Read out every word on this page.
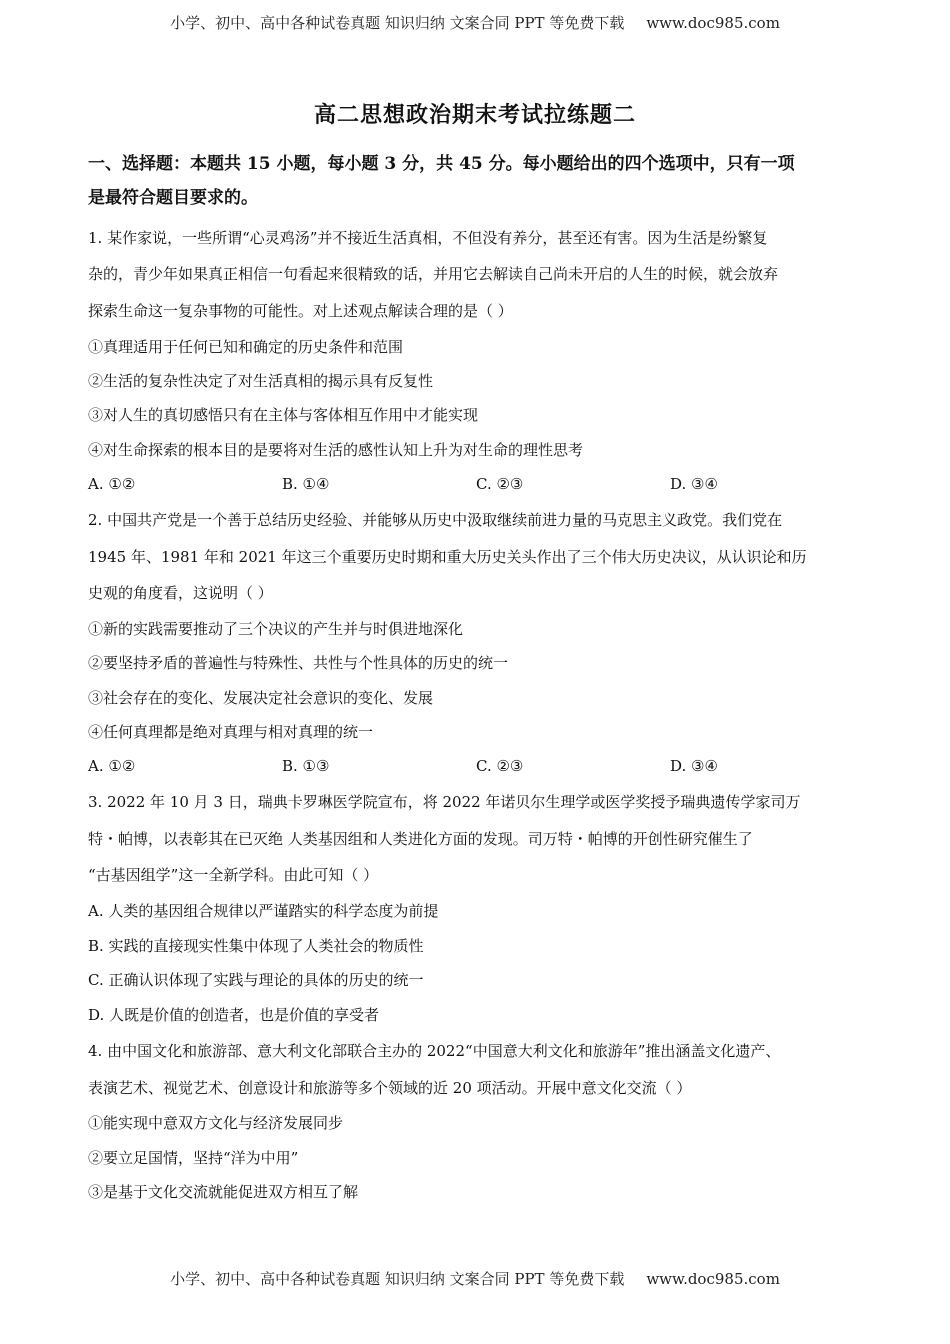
小学、初中、高中各种试卷真题 知识归纳 文案合同 PPT 等免费下载 www.doc985.com
高二思想政治期末考试拉练题二
一、选择题：本题共 15 小题，每小题 3 分，共 45 分。每小题给出的四个选项中，只有一项
是最符合题目要求的。
1. 某作家说，一些所谓“心灵鸡汤”并不接近生活真相，不但没有养分，甚至还有害。因为生活是纷繁复
杂的，青少年如果真正相信一句看起来很精致的话，并用它去解读自己尚未开启的人生的时候，就会放弃
探索生命这一复杂事物的可能性。对上述观点解读合理的是（ ）
①真理适用于任何已知和确定的历史条件和范围
②生活的复杂性决定了对生活真相的揭示具有反复性
③对人生的真切感悟只有在主体与客体相互作用中才能实现
④对生命探索的根本目的是要将对生活的感性认知上升为对生命的理性思考
A. ①②	B. ①④	C. ②③	D. ③④
2. 中国共产党是一个善于总结历史经验、并能够从历史中汲取继续前进力量的马克思主义政党。我们党在
1945 年、1981 年和 2021 年这三个重要历史时期和重大历史关头作出了三个伟大历史决议，从认识论和历
史观的角度看，这说明（ ）
①新的实践需要推动了三个决议的产生并与时俱进地深化
②要坚持矛盾的普遍性与特殊性、共性与个性具体的历史的统一
③社会存在的变化、发展决定社会意识的变化、发展
④任何真理都是绝对真理与相对真理的统一
A. ①②	B. ①③	C. ②③	D. ③④
3. 2022 年 10 月 3 日，瑞典卡罗琳医学院宣布，将 2022 年诺贝尔生理学或医学奖授予瑞典遗传学家司万
特・帕博，以表彰其在已灭绝 人类基因组和人类进化方面的发现。司万特・帕博的开创性研究催生了
“古基因组学”这一全新学科。由此可知（ ）
A. 人类的基因组合规律以严谨踏实的科学态度为前提
B. 实践的直接现实性集中体现了人类社会的物质性
C. 正确认识体现了实践与理论的具体的历史的统一
D. 人既是价值的创造者，也是价值的享受者
4. 由中国文化和旅游部、意大利文化部联合主办的 2022“中国意大利文化和旅游年”推出涵盖文化遗产、
表演艺术、视觉艺术、创意设计和旅游等多个领域的近 20 项活动。开展中意文化交流（ ）
①能实现中意双方文化与经济发展同步
②要立足国情，坚持“洋为中用”
③是基于文化交流就能促进双方相互了解
小学、初中、高中各种试卷真题 知识归纳 文案合同 PPT 等免费下载 www.doc985.com
